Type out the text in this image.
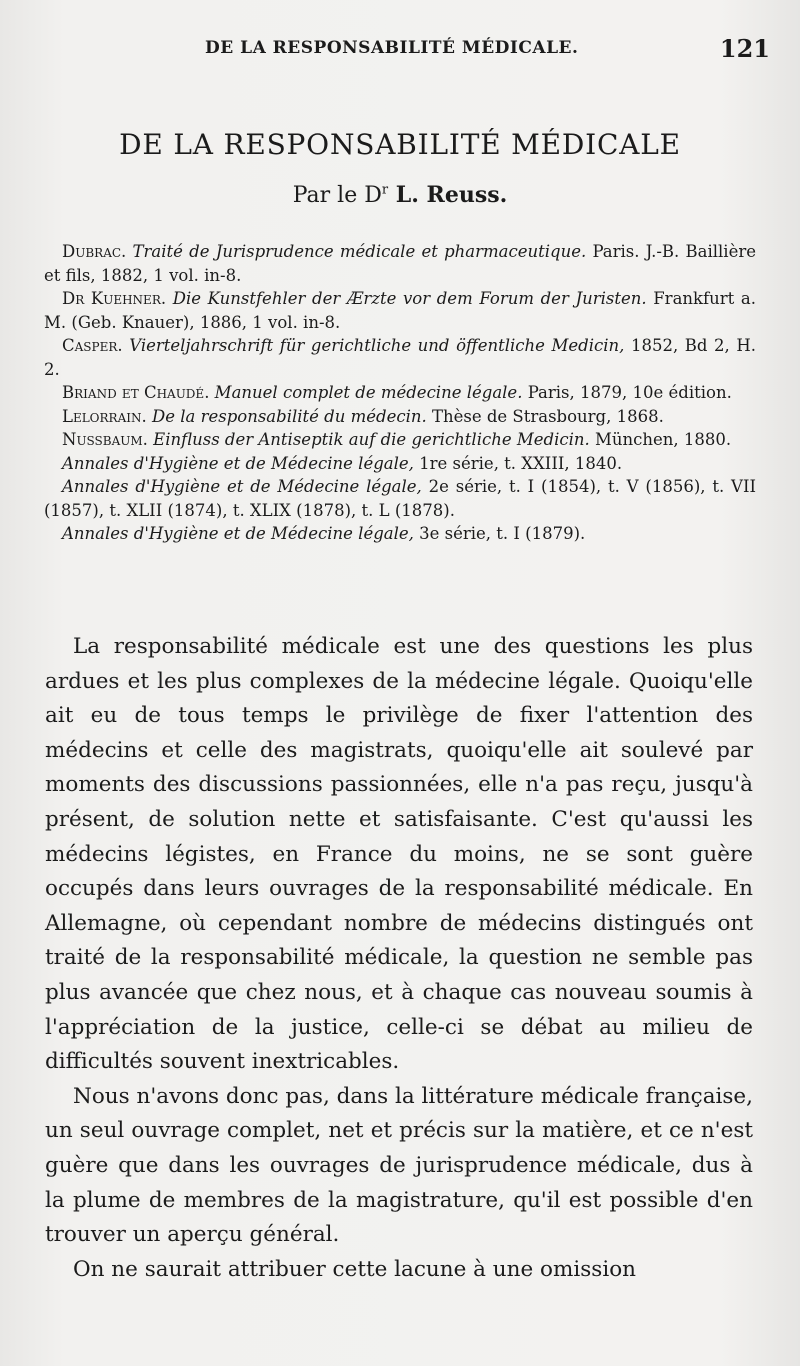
DE LA RESPONSABILITÉ MÉDICALE.	121
DE LA RESPONSABILITÉ MÉDICALE
Par le $D^r$ L. Reuss.

Dubrac. Traité de Jurisprudence médicale et pharmaceutique. Paris. J.-B. Baillière et fils, 1882, 1 vol. in-8.

Dr Kuehner. Die Kunstfehler der Ærzte vor dem Forum der Juristen. Frankfurt a. M. (Geb. Knauer), 1886, 1 vol. in-8.

Casper. Vierteljahrschrift für gerichtliche und öffentliche Medicin, 1852, Bd 2, H. 2.

Briand et Chaudé. Manuel complet de médecine légale. Paris, 1879, 10e édition.

Lelorrain. De la responsabilité du médecin. Thèse de Strasbourg, 1868.

Nussbaum. Einfluss der Antiseptik auf die gerichtliche Medicin. München, 1880.

Annales d'Hygiène et de Médecine légale, 1re série, t. XXIII, 1840.

Annales d'Hygiène et de Médecine légale, 2e série, t. I (1854), t. V (1856), t. VII (1857), t. XLII (1874), t. XLIX (1878), t. L (1878).

Annales d'Hygiène et de Médecine légale, 3e série, t. I (1879).

La responsabilité médicale est une des questions les plus ardues et les plus complexes de la médecine légale. Quoiqu'elle ait eu de tous temps le privilège de fixer l'attention des médecins et celle des magistrats, quoiqu'elle ait soulevé par moments des discussions passionnées, elle n'a pas reçu, jusqu'à présent, de solution nette et satisfaisante. C'est qu'aussi les médecins légistes, en France du moins, ne se sont guère occupés dans leurs ouvrages de la responsabilité médicale. En Allemagne, où cependant nombre de médecins distingués ont traité de la responsabilité médicale, la question ne semble pas plus avancée que chez nous, et à chaque cas nouveau soumis à l'appréciation de la justice, celle-ci se débat au milieu de difficultés souvent inextricables.

Nous n'avons donc pas, dans la littérature médicale française, un seul ouvrage complet, net et précis sur la matière, et ce n'est guère que dans les ouvrages de jurisprudence médicale, dus à la plume de membres de la magistrature, qu'il est possible d'en trouver un aperçu général.

On ne saurait attribuer cette lacune à une omission
